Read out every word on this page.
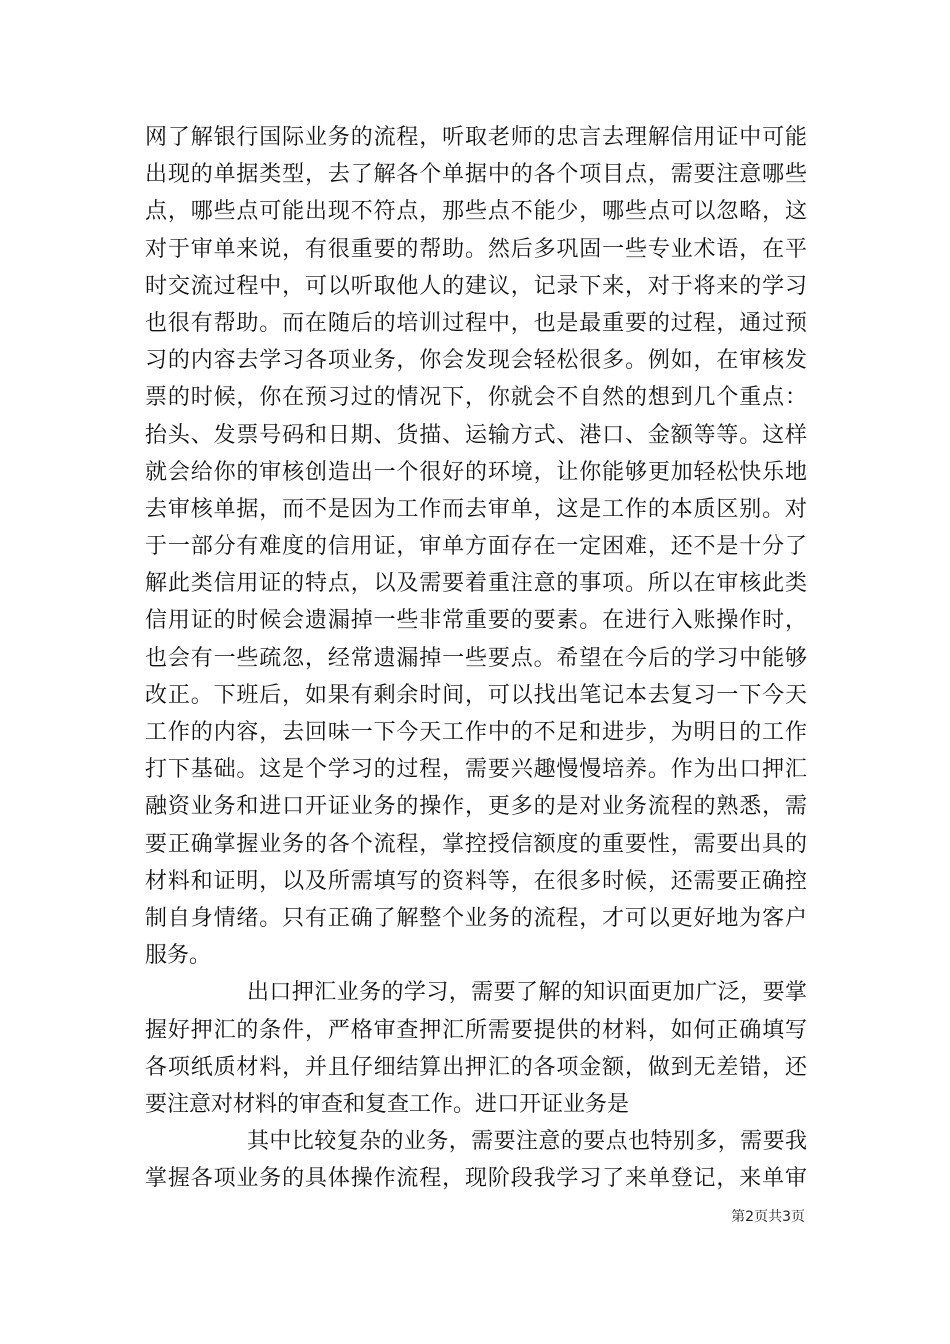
网了解银行国际业务的流程，听取老师的忠言去理解信用证中可能
出现的单据类型，去了解各个单据中的各个项目点，需要注意哪些
点，哪些点可能出现不符点，那些点不能少，哪些点可以忽略，这
对于审单来说，有很重要的帮助。然后多巩固一些专业术语，在平
时交流过程中，可以听取他人的建议，记录下来，对于将来的学习
也很有帮助。而在随后的培训过程中，也是最重要的过程，通过预
习的内容去学习各项业务，你会发现会轻松很多。例如，在审核发
票的时候，你在预习过的情况下，你就会不自然的想到几个重点：
抬头、发票号码和日期、货描、运输方式、港口、金额等等。这样
就会给你的审核创造出一个很好的环境，让你能够更加轻松快乐地
去审核单据，而不是因为工作而去审单，这是工作的本质区别。对
于一部分有难度的信用证，审单方面存在一定困难，还不是十分了
解此类信用证的特点，以及需要着重注意的事项。所以在审核此类
信用证的时候会遗漏掉一些非常重要的要素。在进行入账操作时，
也会有一些疏忽，经常遗漏掉一些要点。希望在今后的学习中能够
改正。下班后，如果有剩余时间，可以找出笔记本去复习一下今天
工作的内容，去回味一下今天工作中的不足和进步，为明日的工作
打下基础。这是个学习的过程，需要兴趣慢慢培养。作为出口押汇
融资业务和进口开证业务的操作，更多的是对业务流程的熟悉，需
要正确掌握业务的各个流程，掌控授信额度的重要性，需要出具的
材料和证明，以及所需填写的资料等，在很多时候，还需要正确控
制自身情绪。只有正确了解整个业务的流程，才可以更好地为客户
服务。
出口押汇业务的学习，需要了解的知识面更加广泛，要掌
握好押汇的条件，严格审查押汇所需要提供的材料，如何正确填写
各项纸质材料，并且仔细结算出押汇的各项金额，做到无差错，还
要注意对材料的审查和复查工作。进口开证业务是
其中比较复杂的业务，需要注意的要点也特别多，需要我
掌握各项业务的具体操作流程，现阶段我学习了来单登记，来单审
第2页共3页
